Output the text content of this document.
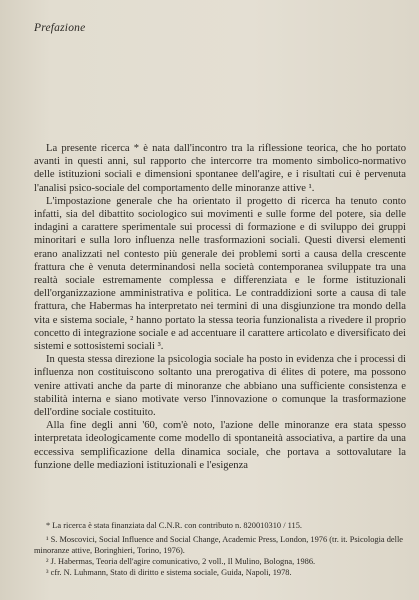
Prefazione

La presente ricerca * è nata dall'incontro tra la riflessione teorica, che ho portato avanti in questi anni, sul rapporto che intercorre tra momento simbolico-normativo delle istituzioni sociali e dimensioni spontanee dell'agire, e i risultati cui è pervenuta l'analisi psico-sociale del comportamento delle minoranze attive ¹.

L'impostazione generale che ha orientato il progetto di ricerca ha tenuto conto infatti, sia del dibattito sociologico sui movimenti e sulle forme del potere, sia delle indagini a carattere sperimentale sui processi di formazione e di sviluppo dei gruppi minoritari e sulla loro influenza nelle trasformazioni sociali. Questi diversi elementi erano analizzati nel contesto più generale dei problemi sorti a causa della crescente frattura che è venuta determinandosi nella società contemporanea sviluppate tra una realtà sociale estremamente complessa e differenziata e le forme istituzionali dell'organizzazione amministrativa e politica. Le contraddizioni sorte a causa di tale frattura, che Habermas ha interpretato nei termini di una disgiunzione tra mondo della vita e sistema sociale, ² hanno portato la stessa teoria funzionalista a rivedere il proprio concetto di integrazione sociale e ad accentuare il carattere articolato e diversificato dei sistemi e sottosistemi sociali ³.

In questa stessa direzione la psicologia sociale ha posto in evidenza che i processi di influenza non costituiscono soltanto una prerogativa di élites di potere, ma possono venire attivati anche da parte di minoranze che abbiano una sufficiente consistenza e stabilità interna e siano motivate verso l'innovazione o comunque la trasformazione dell'ordine sociale costituito.

Alla fine degli anni '60, com'è noto, l'azione delle minoranze era stata spesso interpretata ideologicamente come modello di spontaneità associativa, a partire da una eccessiva semplificazione della dinamica sociale, che portava a sottovalutare la funzione delle mediazioni istituzionali e l'esigenza

* La ricerca è stata finanziata dal C.N.R. con contributo n. 820010310 / 115.

¹ S. Moscovici, Social Influence and Social Change, Academic Press, London, 1976 (tr. it. Psicologia delle minoranze attive, Boringhieri, Torino, 1976).

² J. Habermas, Teoria dell'agire comunicativo, 2 voll., Il Mulino, Bologna, 1986.

³ cfr. N. Luhmann, Stato di diritto e sistema sociale, Guida, Napoli, 1978.
